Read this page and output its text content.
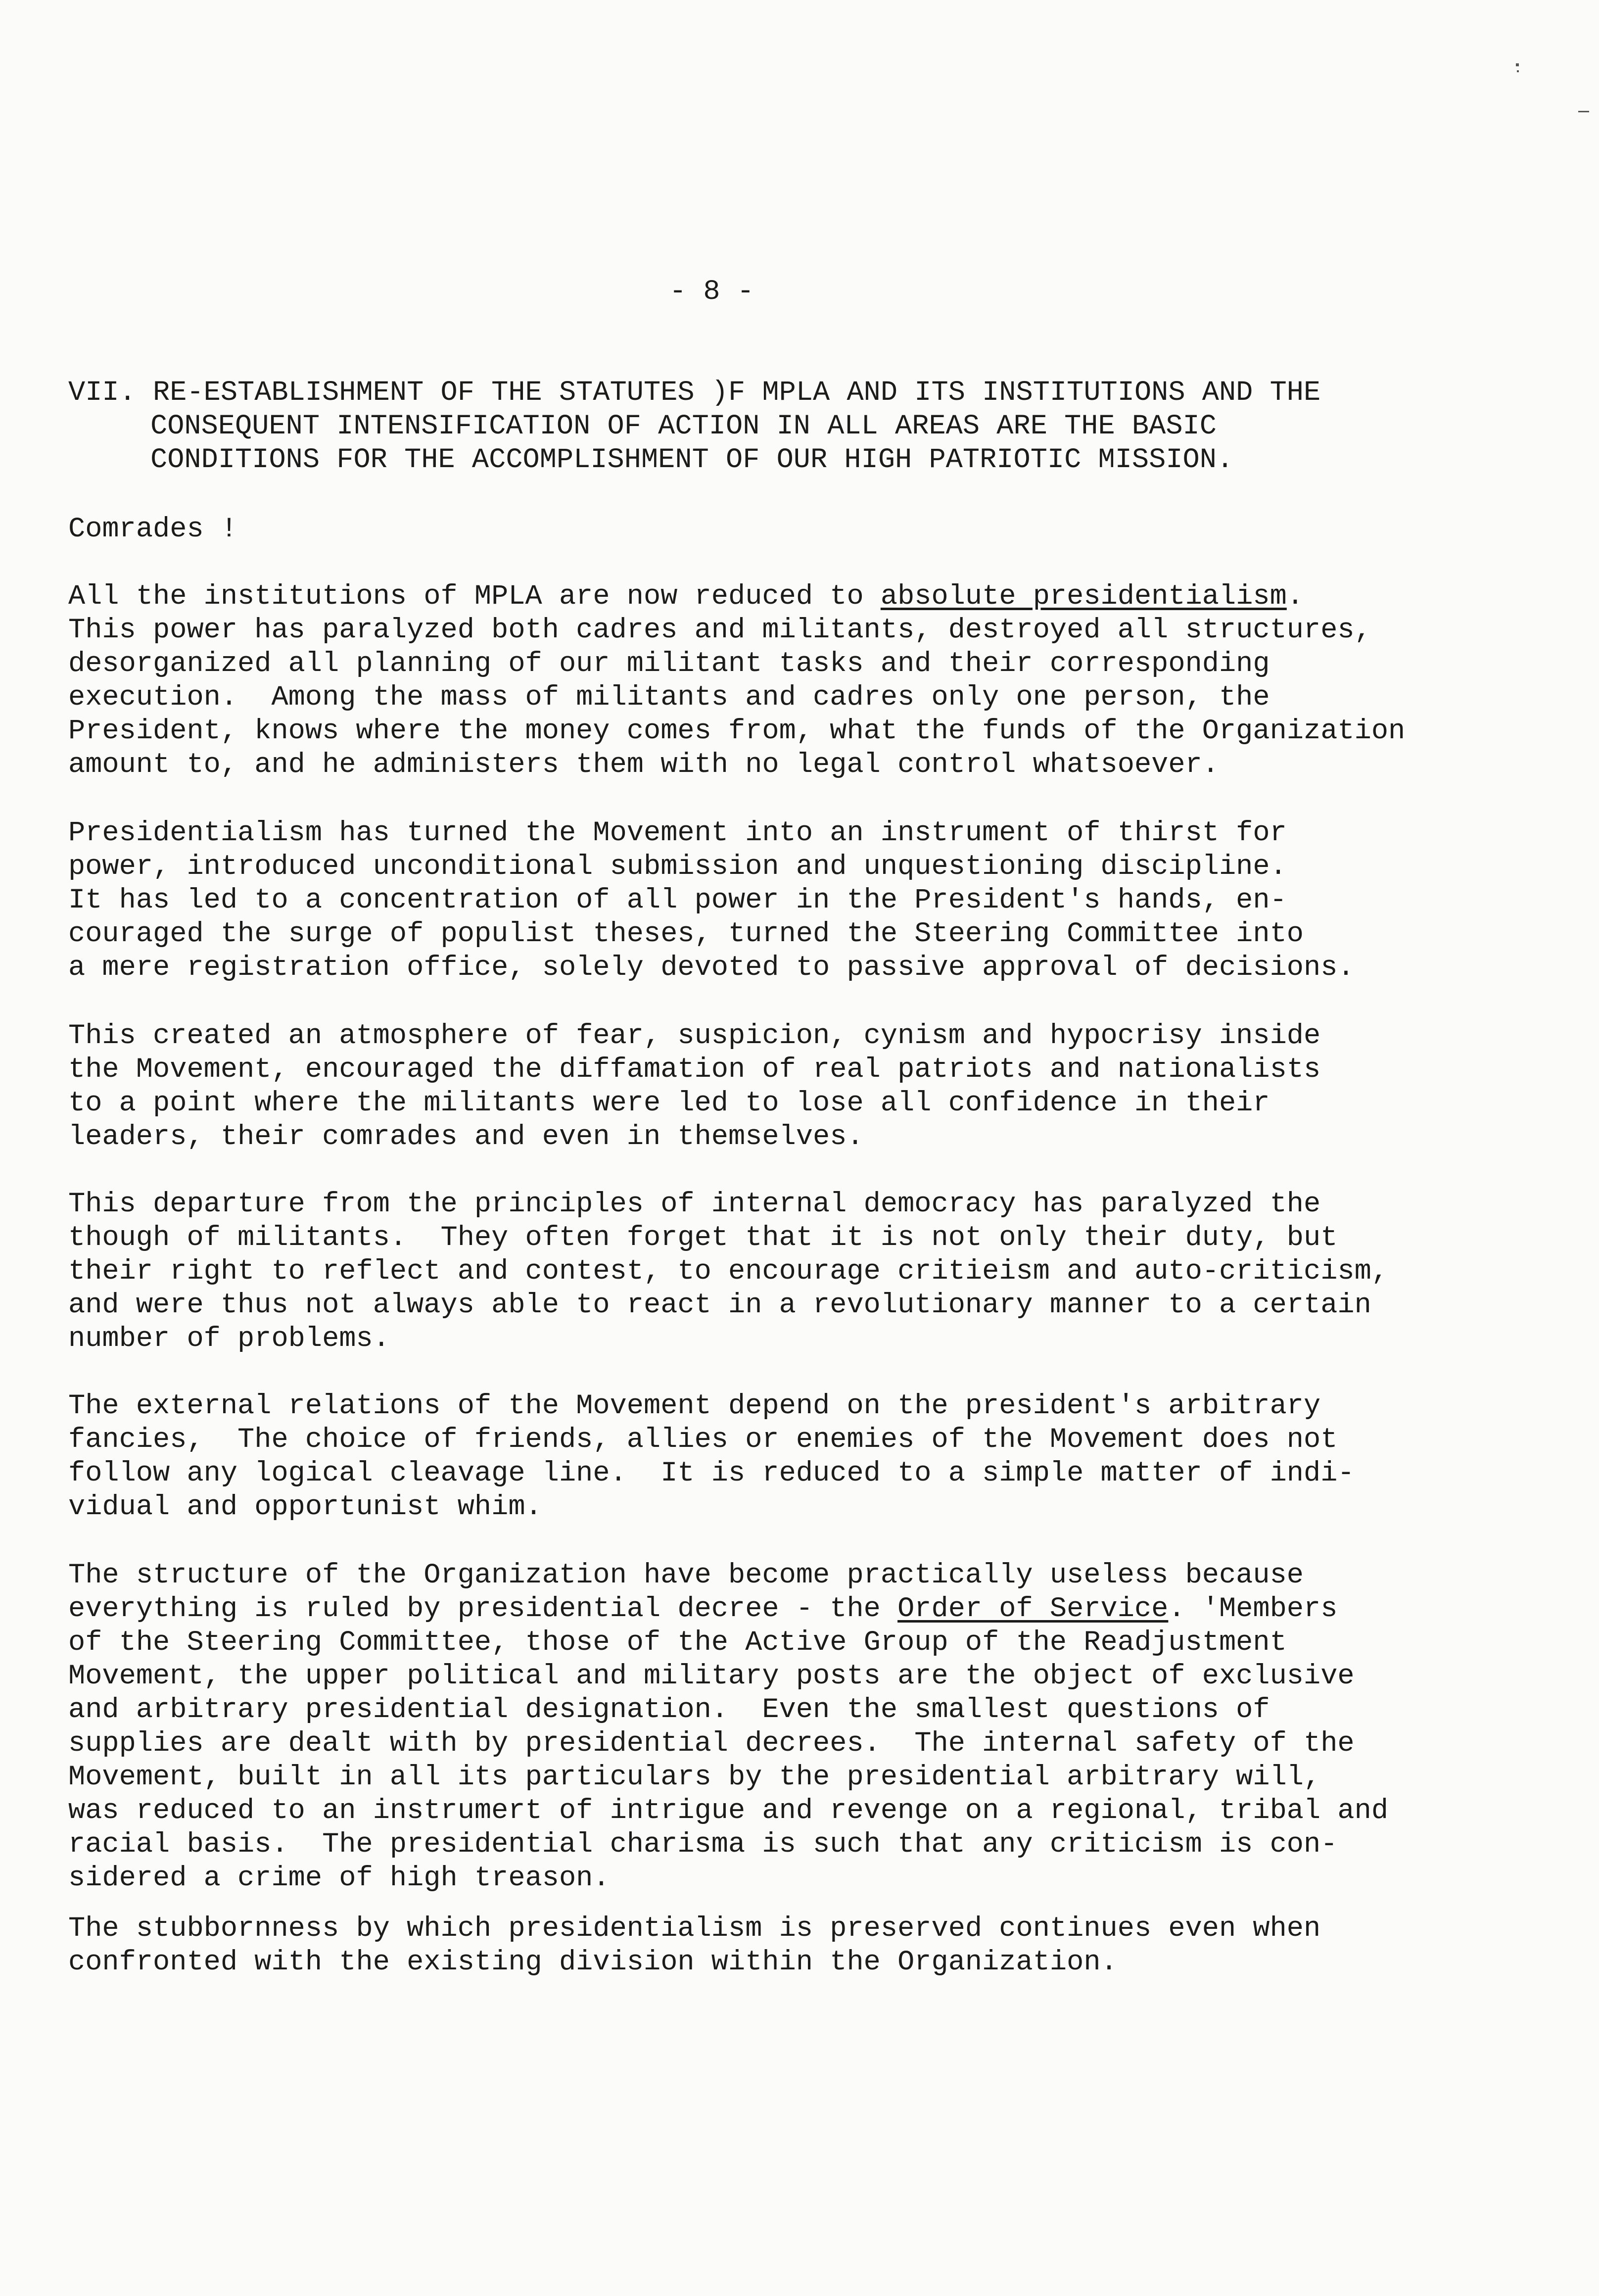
- 8 -
VII. RE-ESTABLISHMENT OF THE STATUTES )F MPLA AND ITS INSTITUTIONS AND THE
CONSEQUENT INTENSIFICATION OF ACTION IN ALL AREAS ARE THE BASIC
CONDITIONS FOR THE ACCOMPLISHMENT OF OUR HIGH PATRIOTIC MISSION.
Comrades !
All the institutions of MPLA are now reduced to absolute presidentialism.
This power has paralyzed both cadres and militants, destroyed all structures,
desorganized all planning of our militant tasks and their corresponding
execution.  Among the mass of militants and cadres only one person, the
President, knows where the money comes from, what the funds of the Organization
amount to, and he administers them with no legal control whatsoever.
Presidentialism has turned the Movement into an instrument of thirst for
power, introduced unconditional submission and unquestioning discipline.
It has led to a concentration of all power in the President's hands, en-
couraged the surge of populist theses, turned the Steering Committee into
a mere registration office, solely devoted to passive approval of decisions.
This created an atmosphere of fear, suspicion, cynism and hypocrisy inside
the Movement, encouraged the diffamation of real patriots and nationalists
to a point where the militants were led to lose all confidence in their
leaders, their comrades and even in themselves.
This departure from the principles of internal democracy has paralyzed the
though of militants.  They often forget that it is not only their duty, but
their right to reflect and contest, to encourage critieism and auto-criticism,
and were thus not always able to react in a revolutionary manner to a certain
number of problems.
The external relations of the Movement depend on the president's arbitrary
fancies,  The choice of friends, allies or enemies of the Movement does not
follow any logical cleavage line.  It is reduced to a simple matter of indi-
vidual and opportunist whim.
The structure of the Organization have become practically useless because
everything is ruled by presidential decree - the Order of Service. 'Members
of the Steering Committee, those of the Active Group of the Readjustment
Movement, the upper political and military posts are the object of exclusive
and arbitrary presidential designation.  Even the smallest questions of
supplies are dealt with by presidential decrees.  The internal safety of the
Movement, built in all its particulars by the presidential arbitrary will,
was reduced to an instrumert of intrigue and revenge on a regional, tribal and
racial basis.  The presidential charisma is such that any criticism is con-
sidered a crime of high treason.
The stubbornness by which presidentialism is preserved continues even when
confronted with the existing division within the Organization.
